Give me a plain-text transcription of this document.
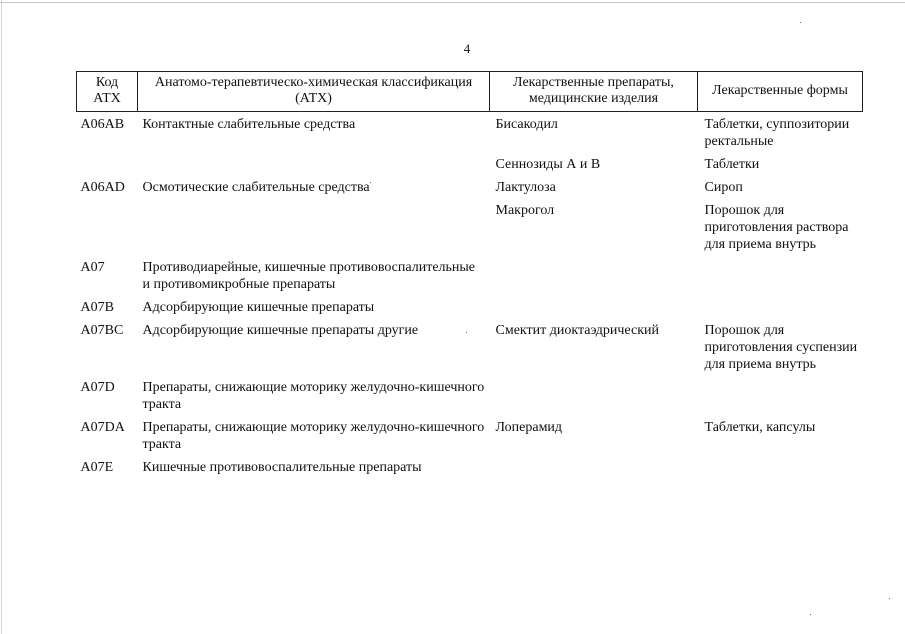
4
Код АТХ	Анатомо-терапевтическо-химическая классификация (АТХ)	Лекарственные препараты, медицинские изделия	Лекарственные формы
A06AB	Контактные слабительные средства	Бисакодил	Таблетки, суппозитории ректальные
		Сеннозиды А и В	Таблетки
A06AD	Осмотические слабительные средства	Лактулоза	Сироп
		Макрогол	Порошок для приготовления раствора для приема внутрь
A07	Противодиарейные, кишечные противовоспалительные и противомикробные препараты		
A07B	Адсорбирующие кишечные препараты		
A07BC	Адсорбирующие кишечные препараты другие	Смектит диоктаэдрический	Порошок для приготовления суспензии для приема внутрь
A07D	Препараты, снижающие моторику желудочно-кишечного тракта		
A07DA	Препараты, снижающие моторику желудочно-кишечного тракта	Лоперамид	Таблетки, капсулы
A07E	Кишечные противовоспалительные препараты		
